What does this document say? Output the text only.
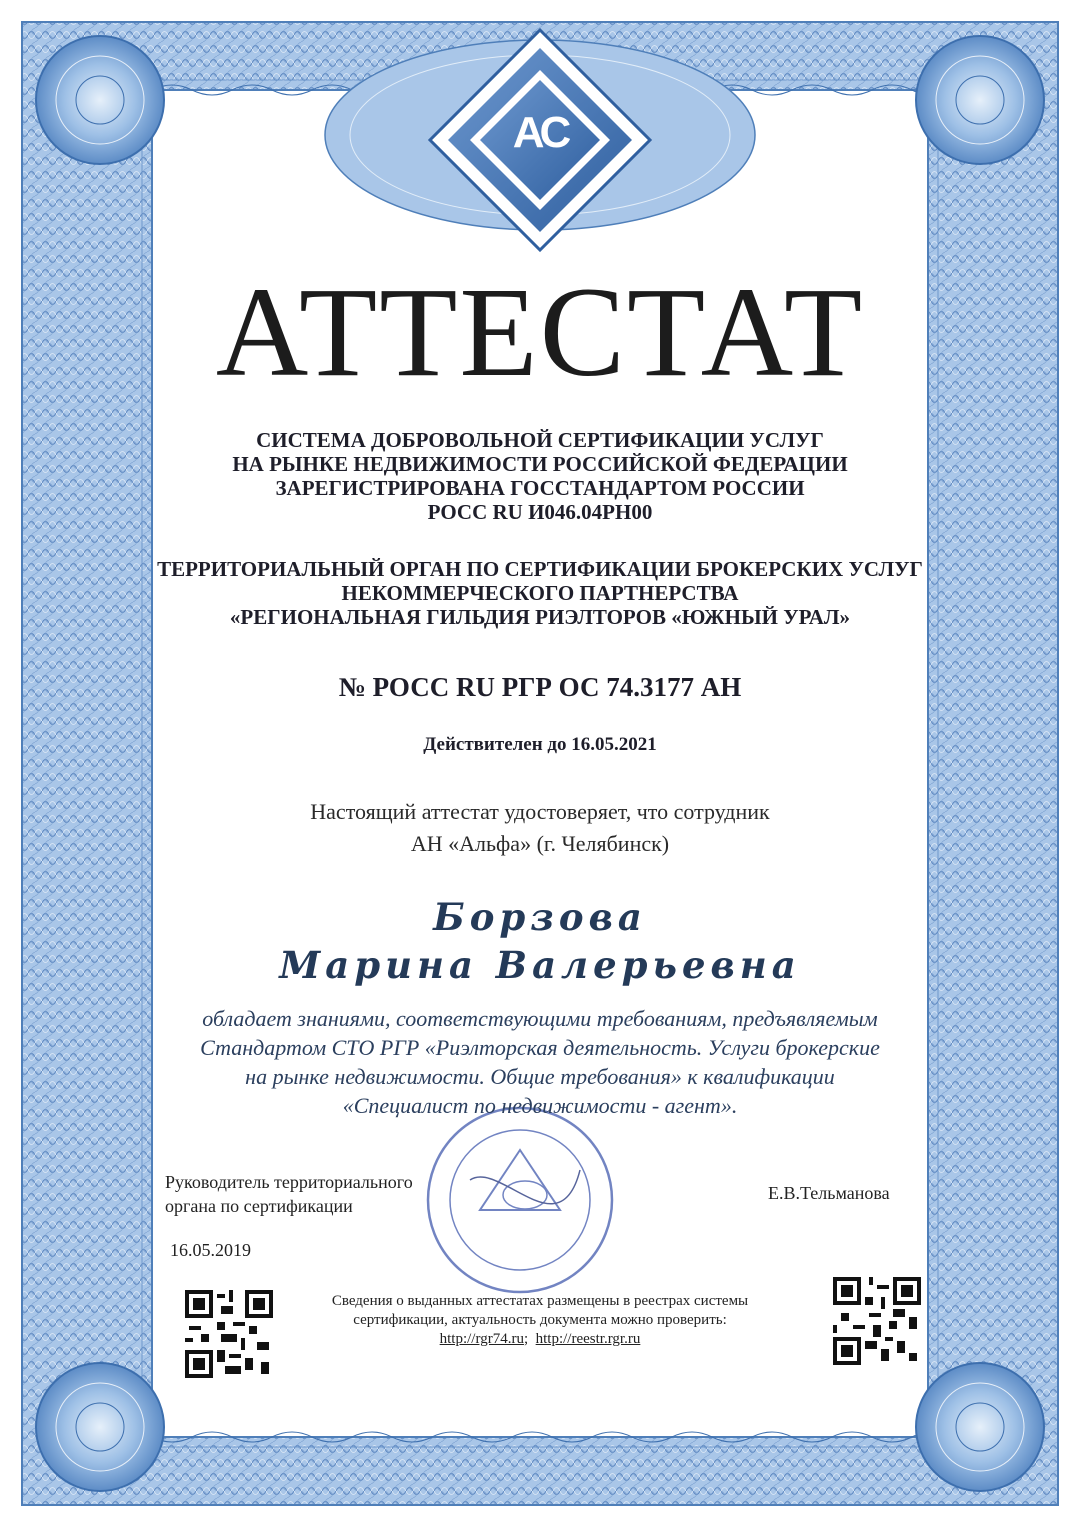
АС
АТТЕСТАТ
СИСТЕМА ДОБРОВОЛЬНОЙ СЕРТИФИКАЦИИ УСЛУГ
НА РЫНКЕ НЕДВИЖИМОСТИ РОССИЙСКОЙ ФЕДЕРАЦИИ
ЗАРЕГИСТРИРОВАНА ГОССТАНДАРТОМ РОССИИ
РОСС RU И046.04РН00
ТЕРРИТОРИАЛЬНЫЙ ОРГАН ПО СЕРТИФИКАЦИИ БРОКЕРСКИХ УСЛУГ
НЕКОММЕРЧЕСКОГО ПАРТНЕРСТВА
«РЕГИОНАЛЬНАЯ ГИЛЬДИЯ РИЭЛТОРОВ «ЮЖНЫЙ УРАЛ»
№ РОСС RU РГР ОС 74.3177 АН
Действителен до 16.05.2021
Настоящий аттестат удостоверяет, что сотрудник
АН «Альфа» (г. Челябинск)
Борзова
Марина Валерьевна
обладает знаниями, соответствующими требованиям, предъявляемым
Стандартом СТО РГР «Риэлторская деятельность. Услуги брокерские
на рынке недвижимости. Общие требования» к квалификации
«Специалист по недвижимости - агент».
Руководитель территориального
органа по сертификации
Е.В.Тельманова
16.05.2019
Сведения о выданных аттестатах размещены в реестрах системы
сертификации, актуальность документа можно проверить:
http://rgr74.ru;  http://reestr.rgr.ru
